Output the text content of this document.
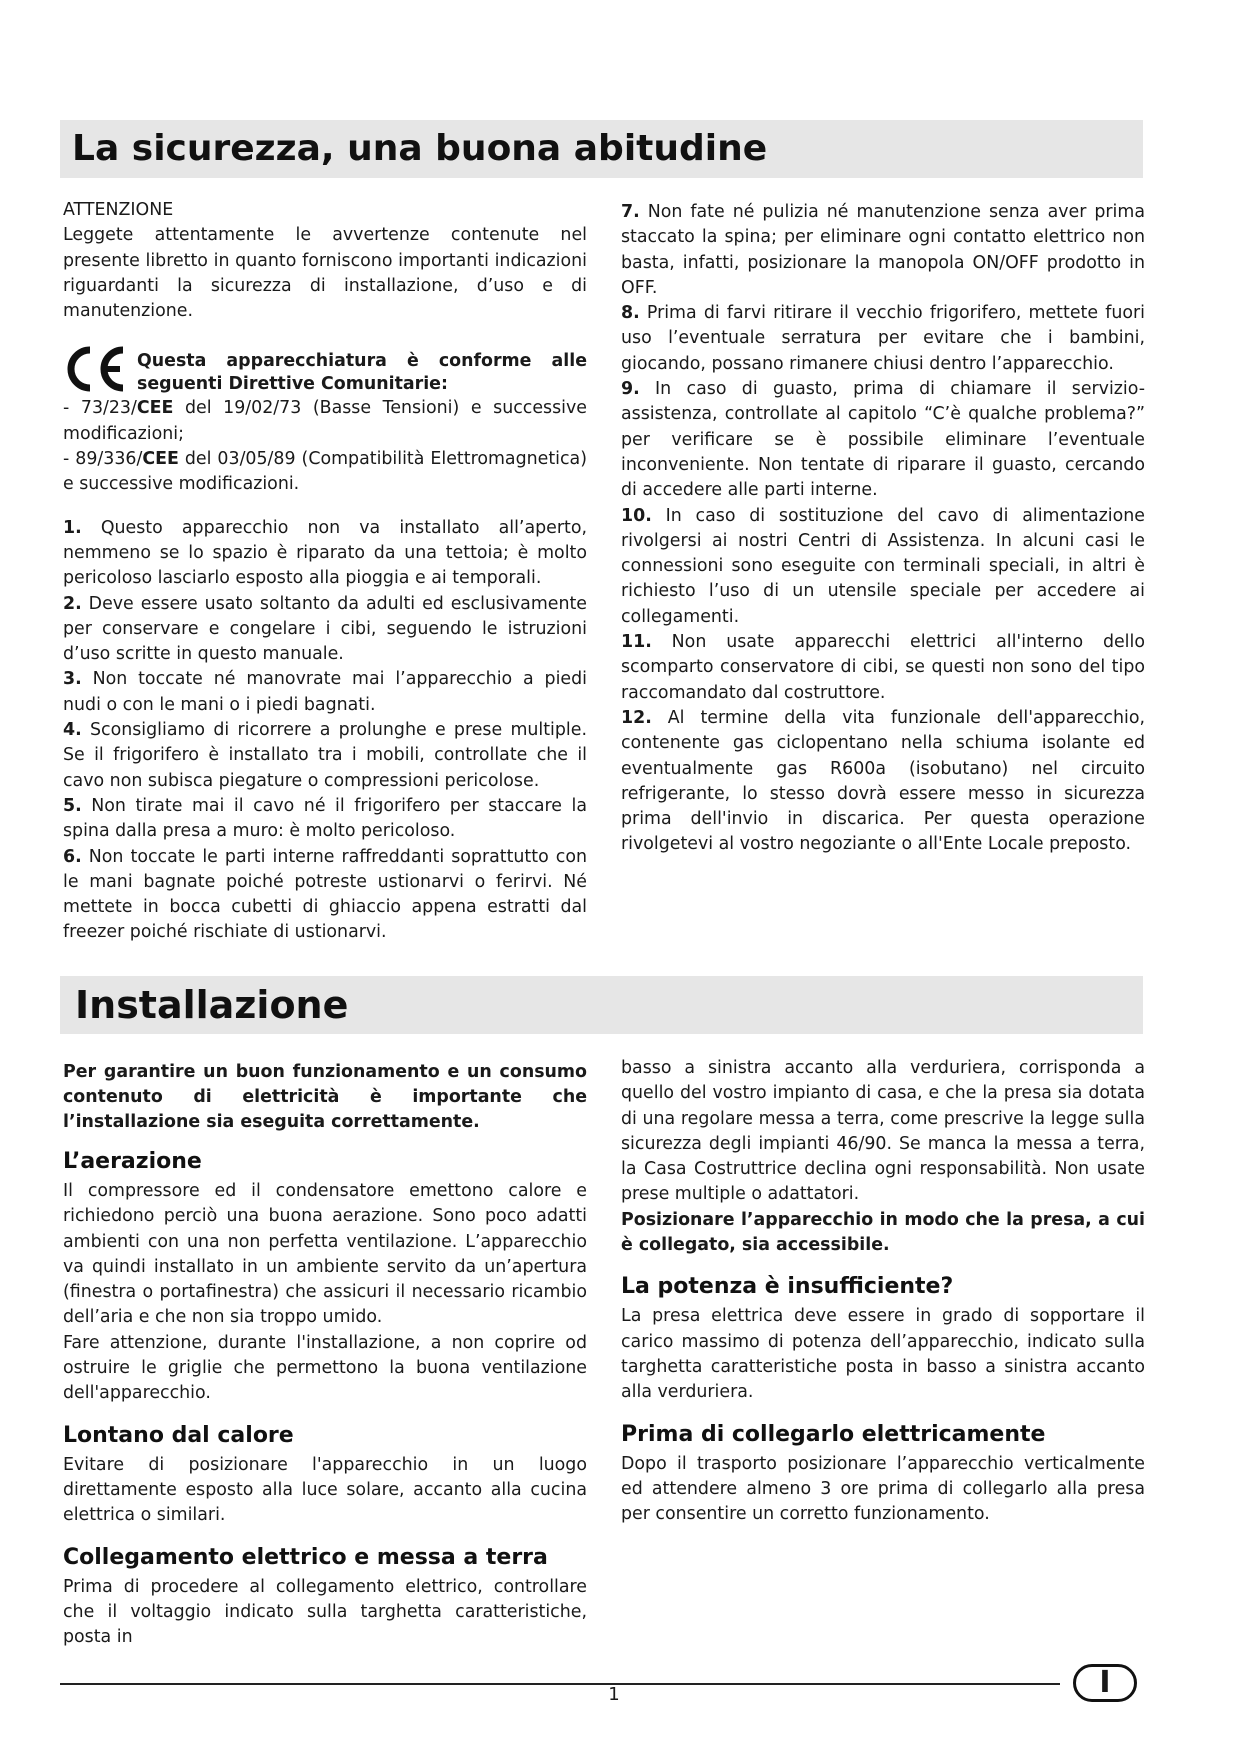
La sicurezza, una buona abitudine

ATTENZIONE

Leggete attentamente le avvertenze contenute nel presente libretto in quanto forniscono importanti indicazioni riguardanti la sicurezza di installazione, d’uso e di manutenzione.

Questa apparecchiatura è conforme alle seguenti Direttive Comunitarie:

- 73/23/CEE del 19/02/73 (Basse Tensioni) e successive modificazioni;

- 89/336/CEE del 03/05/89 (Compatibilità Elettromagnetica) e successive modificazioni.

1. Questo apparecchio non va installato all’aperto, nemmeno se lo spazio è riparato da una tettoia; è molto pericoloso lasciarlo esposto alla pioggia e ai temporali.

2. Deve essere usato soltanto da adulti ed esclusivamente per conservare e congelare i cibi, seguendo le istruzioni d’uso scritte in questo manuale.

3. Non toccate né manovrate mai l’apparecchio a piedi nudi o con le mani o i piedi bagnati.

4. Sconsigliamo di ricorrere a prolunghe e prese multiple. Se il frigorifero è installato tra i mobili, controllate che il cavo non subisca piegature o compressioni pericolose.

5. Non tirate mai il cavo né il frigorifero per staccare la spina dalla presa a muro: è molto pericoloso.

6. Non toccate le parti interne raffreddanti soprattutto con le mani bagnate poiché potreste ustionarvi o ferirvi. Né mettete in bocca cubetti di ghiaccio appena estratti dal freezer poiché rischiate di ustionarvi.

7. Non fate né pulizia né manutenzione senza aver prima staccato la spina; per eliminare ogni contatto elettrico non basta, infatti, posizionare la manopola ON/OFF prodotto in OFF.

8. Prima di farvi ritirare il vecchio frigorifero, mettete fuori uso l’eventuale serratura per evitare che i bambini, giocando, possano rimanere chiusi dentro l’apparecchio.

9. In caso di guasto, prima di chiamare il servizio-assistenza, controllate al capitolo “C’è qualche problema?” per verificare se è possibile eliminare l’eventuale inconveniente. Non tentate di riparare il guasto, cercando di accedere alle parti interne.

10. In caso di sostituzione del cavo di alimentazione rivolgersi ai nostri Centri di Assistenza. In alcuni casi le connessioni sono eseguite con terminali speciali, in altri è richiesto l’uso di un utensile speciale per accedere ai collegamenti.

11. Non usate apparecchi elettrici all'interno dello scomparto conservatore di cibi, se questi non sono del tipo raccomandato dal costruttore.

12. Al termine della vita funzionale dell'apparecchio, contenente gas ciclopentano nella schiuma isolante ed eventualmente gas R600a (isobutano) nel circuito refrigerante, lo stesso dovrà essere messo in sicurezza prima dell'invio in discarica. Per questa operazione rivolgetevi al vostro negoziante o all'Ente Locale preposto.

Installazione

Per garantire un buon funzionamento e un consumo contenuto di elettricità è importante che l’installazione sia eseguita correttamente.

L’aerazione

Il compressore ed il condensatore emettono calore e richiedono perciò una buona aerazione. Sono poco adatti ambienti con una non perfetta ventilazione. L’apparecchio va quindi installato in un ambiente servito da un’apertura (finestra o portafinestra) che assicuri il necessario ricambio dell’aria e che non sia troppo umido.

Fare attenzione, durante l'installazione, a non coprire od ostruire le griglie che permettono la buona ventilazione dell'apparecchio.

Lontano dal calore

Evitare di posizionare l'apparecchio in un luogo direttamente esposto alla luce solare, accanto alla cucina elettrica o similari.

Collegamento elettrico e messa a terra

Prima di procedere al collegamento elettrico, controllare che il voltaggio indicato sulla targhetta caratteristiche, posta in

basso a sinistra accanto alla verduriera, corrisponda a quello del vostro impianto di casa, e che la presa sia dotata di una regolare messa a terra, come prescrive la legge sulla sicurezza degli impianti 46/90. Se manca la messa a terra, la Casa Costruttrice declina ogni responsabilità. Non usate prese multiple o adattatori.

Posizionare l’apparecchio in modo che la presa, a cui è collegato, sia accessibile.

La potenza è insufficiente?

La presa elettrica deve essere in grado di sopportare il carico massimo di potenza dell’apparecchio, indicato sulla targhetta caratteristiche posta in basso a sinistra accanto alla verduriera.

Prima di collegarlo elettricamente

Dopo il trasporto posizionare l’apparecchio verticalmente ed attendere almeno 3 ore prima di collegarlo alla presa per consentire un corretto funzionamento.

1	I
